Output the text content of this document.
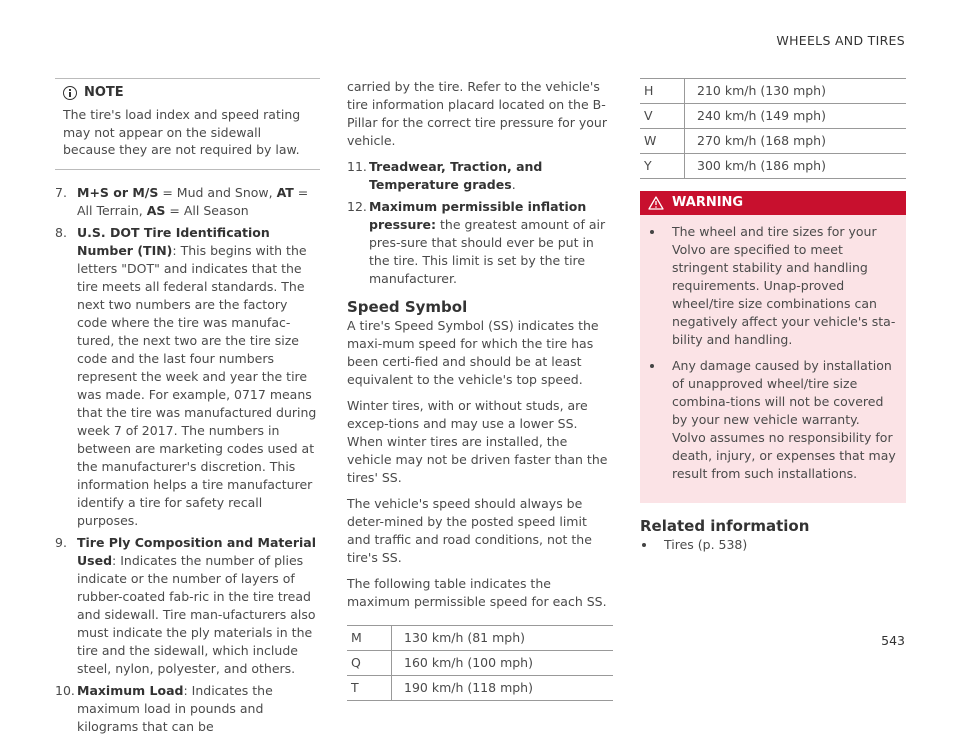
WHEELS AND TIRES
NOTE
The tire's load index and speed rating may not appear on the sidewall because they are not required by law.
7. M+S or M/S = Mud and Snow, AT = All Terrain, AS = All Season
8. U.S. DOT Tire Identification Number (TIN): This begins with the letters "DOT" and indicates that the tire meets all federal standards. The next two numbers are the factory code where the tire was manufac-tured, the next two are the tire size code and the last four numbers represent the week and year the tire was made. For example, 0717 means that the tire was manufactured during week 7 of 2017. The numbers in between are marketing codes used at the manufacturer's discretion. This information helps a tire manufacturer identify a tire for safety recall purposes.
9. Tire Ply Composition and Material Used: Indicates the number of plies indicate or the number of layers of rubber-coated fab-ric in the tire tread and sidewall. Tire man-ufacturers also must indicate the ply materials in the tire and the sidewall, which include steel, nylon, polyester, and others.
10. Maximum Load: Indicates the maximum load in pounds and kilograms that can be

carried by the tire. Refer to the vehicle's tire information placard located on the B-Pillar for the correct tire pressure for your vehicle.

11. Treadwear, Traction, and Temperature grades.
12. Maximum permissible inflation pressure: the greatest amount of air pres-sure that should ever be put in the tire. This limit is set by the tire manufacturer.
Speed Symbol

A tire's Speed Symbol (SS) indicates the maxi-mum speed for which the tire has been certi-fied and should be at least equivalent to the vehicle's top speed.

Winter tires, with or without studs, are excep-tions and may use a lower SS. When winter tires are installed, the vehicle may not be driven faster than the tires' SS.

The vehicle's speed should always be deter-mined by the posted speed limit and traffic and road conditions, not the tire's SS.

The following table indicates the maximum permissible speed for each SS.

M	130 km/h (81 mph)
Q	160 km/h (100 mph)
T	190 km/h (118 mph)
H	210 km/h (130 mph)
V	240 km/h (149 mph)
W	270 km/h (168 mph)
Y	300 km/h (186 mph)
WARNING
The wheel and tire sizes for your Volvo are specified to meet stringent stability and handling requirements. Unap-proved wheel/tire size combinations can negatively affect your vehicle's sta-bility and handling.
Any damage caused by installation of unapproved wheel/tire size combina-tions will not be covered by your new vehicle warranty. Volvo assumes no responsibility for death, injury, or expenses that may result from such installations.
Related information
Tires (p. 538)
543
